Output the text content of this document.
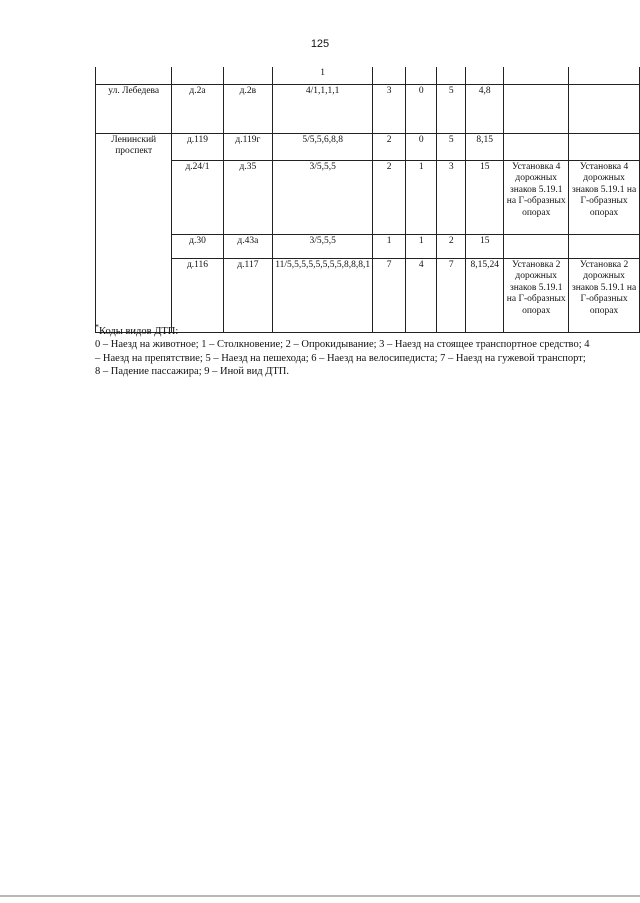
125
			1						
ул. Лебедева	д.2а	д.2в	4/1,1,1,1	3	0	5	4,8		
Ленинский проспект	д.119	д.119г	5/5,5,6,8,8	2	0	5	8,15		
	д.24/1	д.35	3/5,5,5	2	1	3	15	Установка 4 дорожных знаков 5.19.1 на Г-образных опорах	Установка 4 дорожных знаков 5.19.1 на Г-образных опорах
	д.30	д.43а	3/5,5,5	1	1	2	15		
	д.116	д.117	11/5,5,5,5,5,5,5,5,8,8,8,1	7	4	7	8,15,24	Установка 2 дорожных знаков 5.19.1 на Г-образных опорах	Установка 2 дорожных знаков 5.19.1 на Г-образных опорах

*Коды видов ДТП:

0 – Наезд на животное; 1 – Столкновение; 2 – Опрокидывание; 3 – Наезд на стоящее транспортное средство; 4

– Наезд на препятствие; 5 – Наезд на пешехода; 6 – Наезд на велосипедиста; 7 – Наезд на гужевой транспорт;

8 – Падение пассажира; 9 – Иной вид ДТП.
